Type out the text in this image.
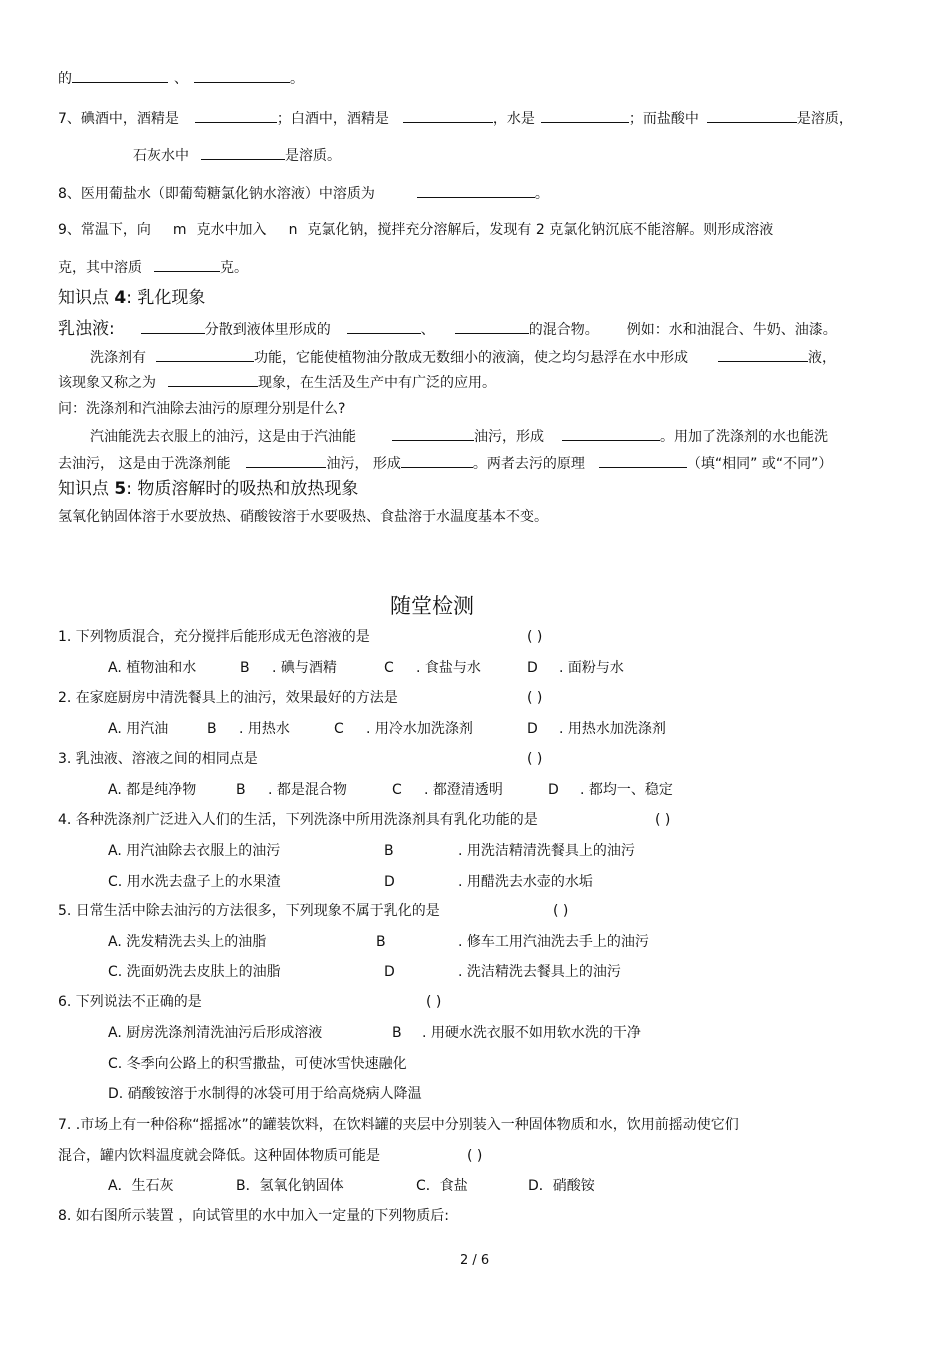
的	、	。
7、碘酒中，酒精是	；白酒中，酒精是	，水是	；而盐酸中	是溶质，
石灰水中	是溶质。
8、医用葡盐水（即葡萄糖氯化钠水溶液）中溶质为	。
9、常温下，向 m 克水中加入 n 克氯化钠，搅拌充分溶解后，发现有 2 克氯化钠沉底不能溶解。则形成溶液
克，其中溶质	克。
知识点 4: 乳化现象
乳浊液:	分散到液体里形成的	、	的混合物。 例如：水和油混合、牛奶、油漆。
洗涤剂有	功能，它能使植物油分散成无数细小的液滴，使之均匀悬浮在水中形成	液，
该现象又称之为	现象，在生活及生产中有广泛的应用。
问：洗涤剂和汽油除去油污的原理分别是什么?
汽油能洗去衣服上的油污，这是由于汽油能	油污，形成	。用加了洗涤剂的水也能洗
去油污， 这是由于洗涤剂能	油污， 形成	。两者去污的原理	（填“相同” 或“不同”）
知识点 5: 物质溶解时的吸热和放热现象
氢氧化钠固体溶于水要放热、硝酸铵溶于水要吸热、食盐溶于水温度基本不变。
随堂检测
1. 下列物质混合，充分搅拌后能形成无色溶液的是	( )
A. 植物油和水	B . 碘与酒精	C . 食盐与水	D . 面粉与水
2. 在家庭厨房中清洗餐具上的油污，效果最好的方法是	( )
A. 用汽油	B . 用热水	C . 用冷水加洗涤剂	D . 用热水加洗涤剂
3. 乳浊液、溶液之间的相同点是	( )
A. 都是纯净物	B . 都是混合物	C . 都澄清透明	D . 都均一、稳定
4. 各种洗涤剂广泛进入人们的生活，下列洗涤中所用洗涤剂具有乳化功能的是	( )
A. 用汽油除去衣服上的油污	B	. 用洗洁精清洗餐具上的油污
C. 用水洗去盘子上的水果渣	D	. 用醋洗去水壶的水垢
5. 日常生活中除去油污的方法很多，下列现象不属于乳化的是	( )
A. 洗发精洗去头上的油脂	B	. 修车工用汽油洗去手上的油污
C. 洗面奶洗去皮肤上的油脂	D	. 洗洁精洗去餐具上的油污
6. 下列说法不正确的是	( )
A. 厨房洗涤剂清洗油污后形成溶液	B . 用硬水洗衣服不如用软水洗的干净
C. 冬季向公路上的积雪撒盐，可使冰雪快速融化
D. 硝酸铵溶于水制得的冰袋可用于给高烧病人降温
7. .市场上有一种俗称“摇摇冰”的罐装饮料，在饮料罐的夹层中分别装入一种固体物质和水，饮用前摇动使它们
混合，罐内饮料温度就会降低。这种固体物质可能是	( )
A．生石灰	B．氢氧化钠固体	C．食盐	D．硝酸铵
8. 如右图所示装置 ，向试管里的水中加入一定量的下列物质后:
2 / 6
